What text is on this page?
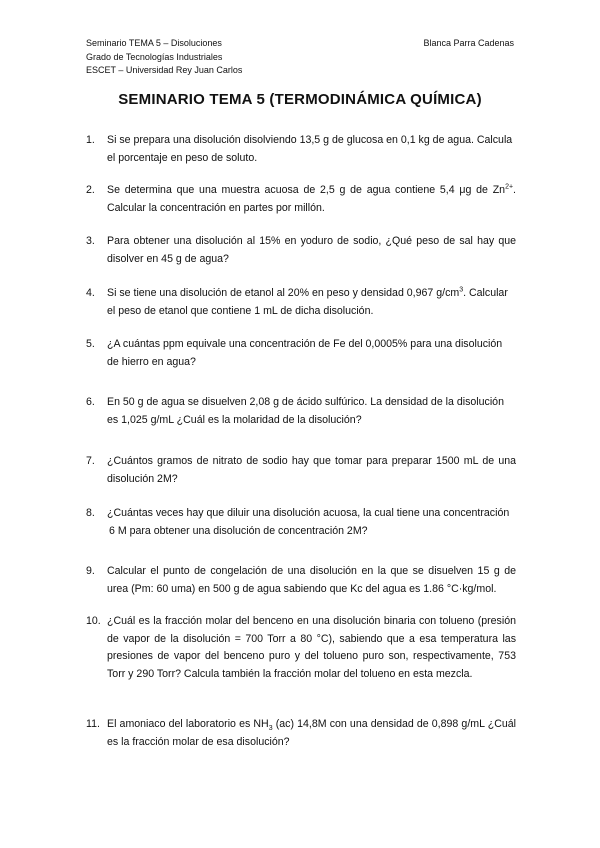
Seminario TEMA 5 – Disoluciones
Grado de Tecnologías Industriales
ESCET – Universidad Rey Juan Carlos
Blanca Parra Cadenas
SEMINARIO TEMA 5 (TERMODINÁMICA QUÍMICA)
1.	Si se prepara una disolución disolviendo 13,5 g de glucosa en 0,1 kg de agua. Calcula el porcentaje en peso de soluto.
2.	Se determina que una muestra acuosa de 2,5 g de agua contiene 5,4 μg de $Zn^{2+}$. Calcular la concentración en partes por millón.
3.	Para obtener una disolución al 15% en yoduro de sodio, ¿Qué peso de sal hay que disolver en 45 g de agua?
4.	Si se tiene una disolución de etanol al 20% en peso y densidad 0,967 $g/cm^3$. Calcular el peso de etanol que contiene 1 mL de dicha disolución.
5.	¿A cuántas ppm equivale una concentración de Fe del 0,0005% para una disolución de hierro en agua?
6.	En 50 g de agua se disuelven 2,08 g de ácido sulfúrico. La densidad de la disolución es 1,025 g/mL ¿Cuál es la molaridad de la disolución?
7.	¿Cuántos gramos de nitrato de sodio hay que tomar para preparar 1500 mL de una disolución 2M?
8.	¿Cuántas veces hay que diluir una disolución acuosa, la cual tiene una concentración
6 M para obtener una disolución de concentración 2M?
9.	Calcular el punto de congelación de una disolución en la que se disuelven 15 g de urea (Pm: 60 uma) en 500 g de agua sabiendo que Kc del agua es 1.86 °C·kg/mol.
10. ¿Cuál es la fracción molar del benceno en una disolución binaria con tolueno (presión de vapor de la disolución = 700 Torr a 80 °C), sabiendo que a esa temperatura las presiones de vapor del benceno puro y del tolueno puro son, respectivamente, 753 Torr y 290 Torr? Calcula también la fracción molar del tolueno en esta mezcla.
11. El amoniaco del laboratorio es $NH_3$ (ac) 14,8M con una densidad de 0,898 g/mL ¿Cuál es la fracción molar de esa disolución?
